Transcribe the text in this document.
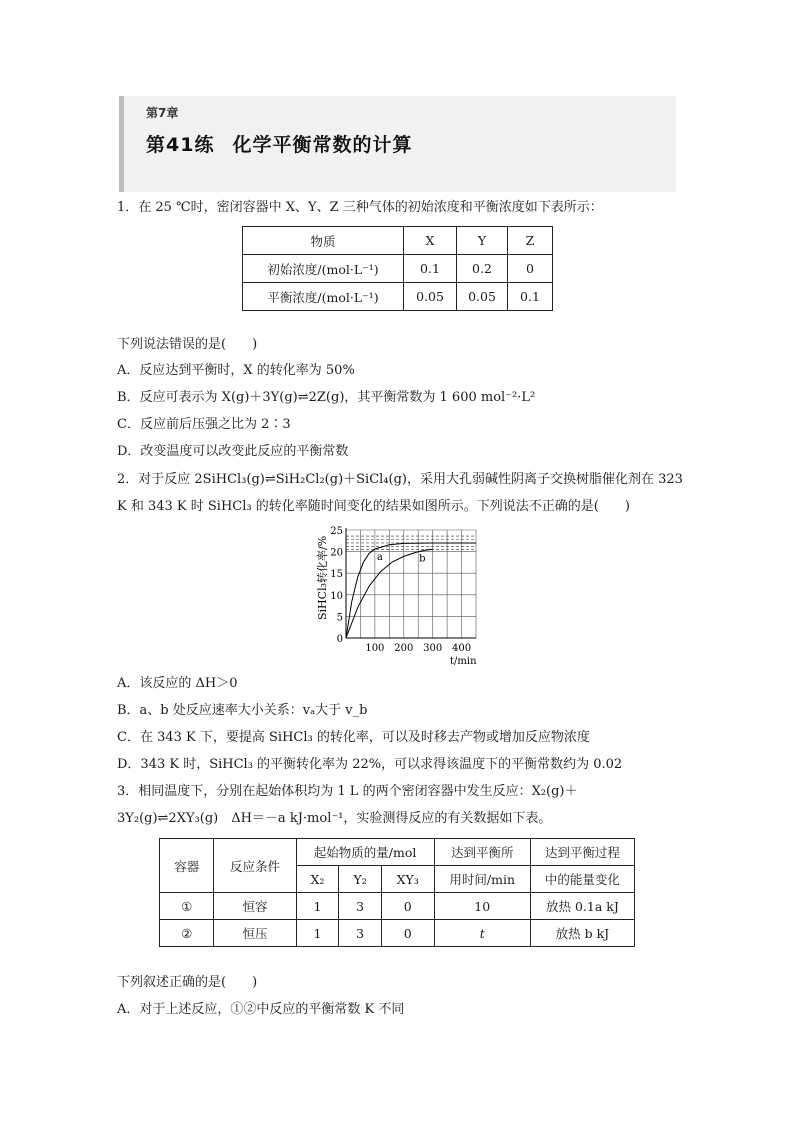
第7章
第41练 化学平衡常数的计算
1．在 25 ℃时，密闭容器中 X、Y、Z 三种气体的初始浓度和平衡浓度如下表所示：
物质	X	Y	Z
初始浓度/(mol·L⁻¹)	0.1	0.2	0
平衡浓度/(mol·L⁻¹)	0.05	0.05	0.1
下列说法错误的是(　　)
A．反应达到平衡时，X 的转化率为 50%
B．反应可表示为 X(g)＋3Y(g)⇌2Z(g)，其平衡常数为 1 600 mol⁻²·L²
C．反应前后压强之比为 2∶3
D．改变温度可以改变此反应的平衡常数
2．对于反应 2SiHCl₃(g)⇌SiH₂Cl₂(g)＋SiCl₄(g)，采用大孔弱碱性阴离子交换树脂催化剂在 323
K 和 343 K 时 SiHCl₃ 的转化率随时间变化的结果如图所示。下列说法不正确的是(　　)
a	b
0
5
10
15
20
25
100 200 300 400
SiHCl₃转化率/%
t/min
A．该反应的 ΔH＞0
B．a、b 处反应速率大小关系：vₐ大于 v_b
C．在 343 K 下，要提高 SiHCl₃ 的转化率，可以及时移去产物或增加反应物浓度
D．343 K 时，SiHCl₃ 的平衡转化率为 22%，可以求得该温度下的平衡常数约为 0.02
3．相同温度下，分别在起始体积均为 1 L 的两个密闭容器中发生反应：X₂(g)＋
3Y₂(g)⇌2XY₃(g)　ΔH＝－a kJ·mol⁻¹，实验测得反应的有关数据如下表。
容器	反应条件	起始物质的量/mol			达到平衡所	达到平衡过程
		X₂	Y₂	XY₃	用时间/min	中的能量变化
①	恒容	1	3	0	10	放热 0.1a kJ
②	恒压	1	3	0	t	放热 b kJ
下列叙述正确的是(　　)
A．对于上述反应，①②中反应的平衡常数 K 不同
